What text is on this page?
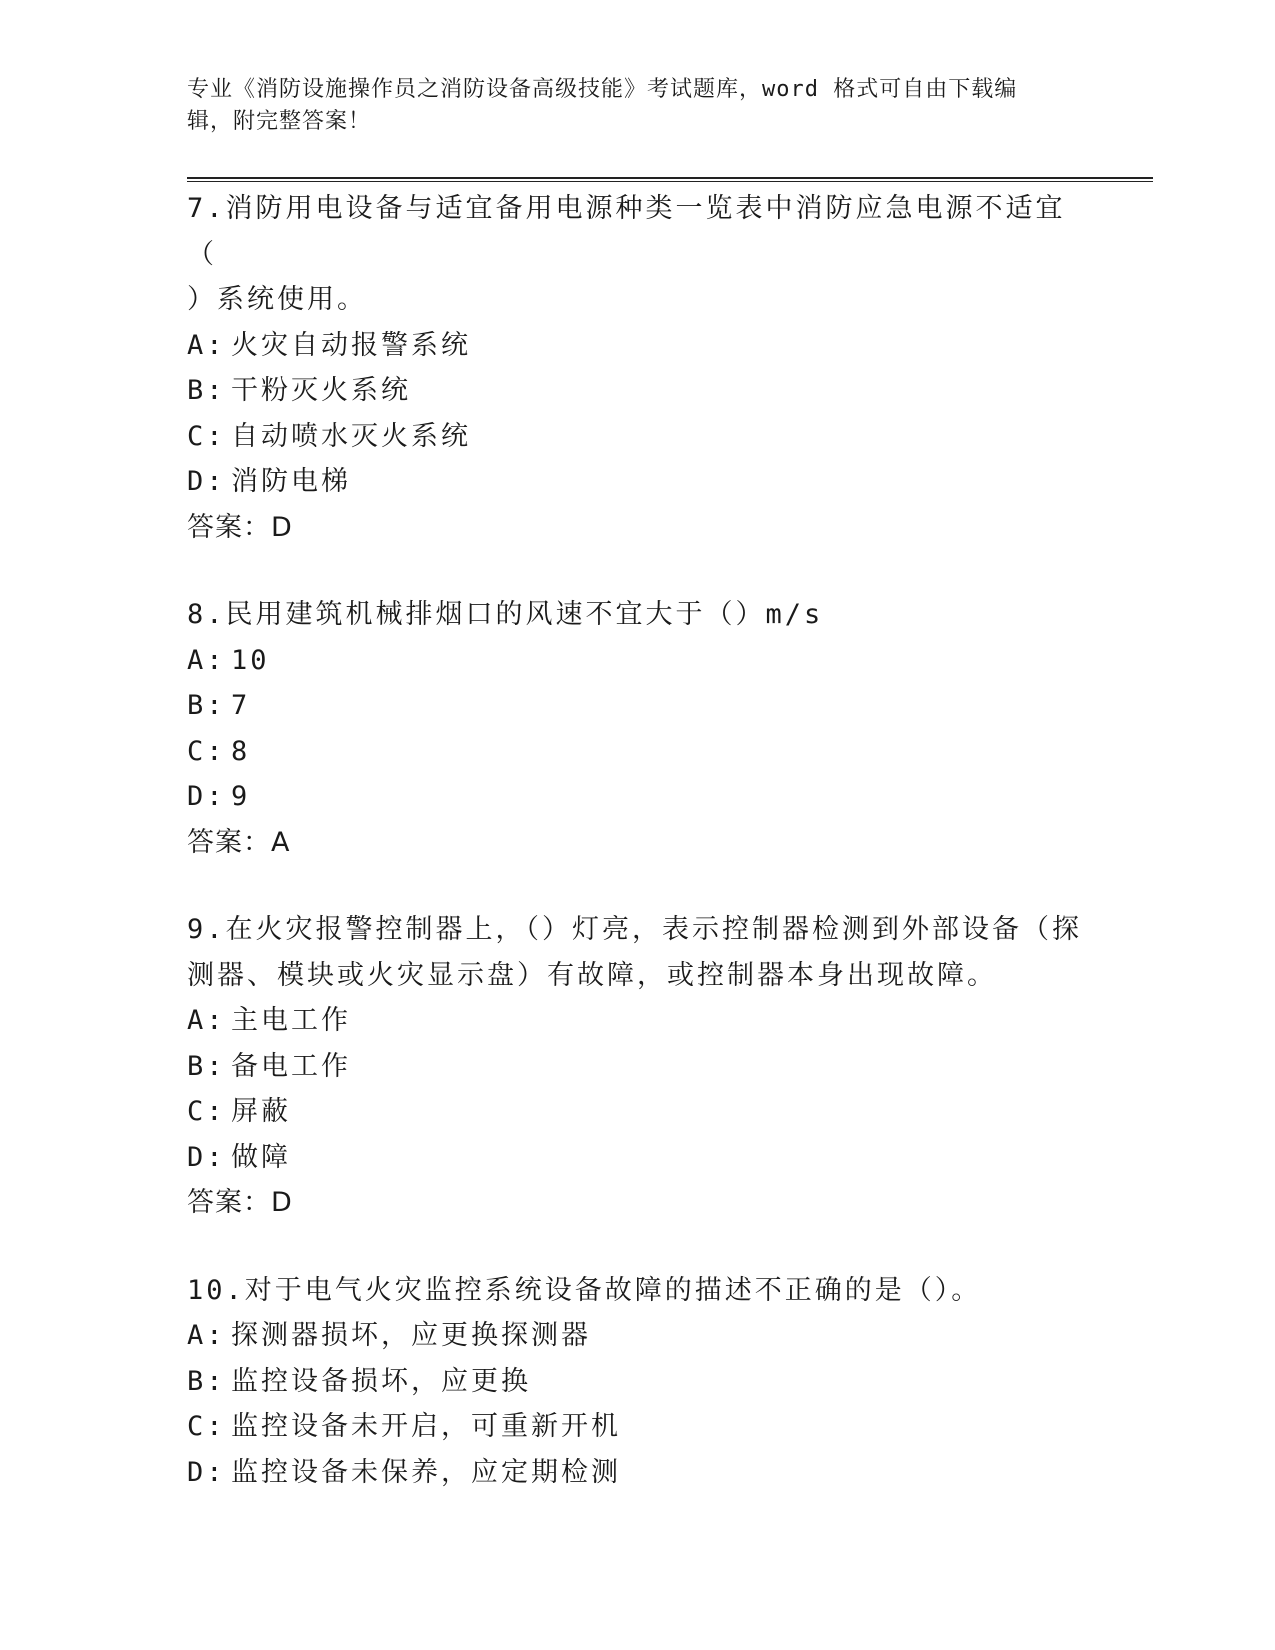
专业《消防设施操作员之消防设备高级技能》考试题库，word 格式可自由下载编
辑，附完整答案！
7.消防用电设备与适宜备用电源种类一览表中消防应急电源不适宜（
）系统使用。
A: 火灾自动报警系统
B: 干粉灭火系统
C: 自动喷水灭火系统
D: 消防电梯
答案：D
8.民用建筑机械排烟口的风速不宜大于（）m/s
A: 10
B: 7
C: 8
D: 9
答案：A
9.在火灾报警控制器上，（）灯亮，表示控制器检测到外部设备（探
测器、模块或火灾显示盘）有故障，或控制器本身出现故障。
A: 主电工作
B: 备电工作
C: 屏蔽
D: 做障
答案：D
10.对于电气火灾监控系统设备故障的描述不正确的是（）。
A: 探测器损坏，应更换探测器
B: 监控设备损坏，应更换
C: 监控设备未开启，可重新开机
D: 监控设备未保养，应定期检测
